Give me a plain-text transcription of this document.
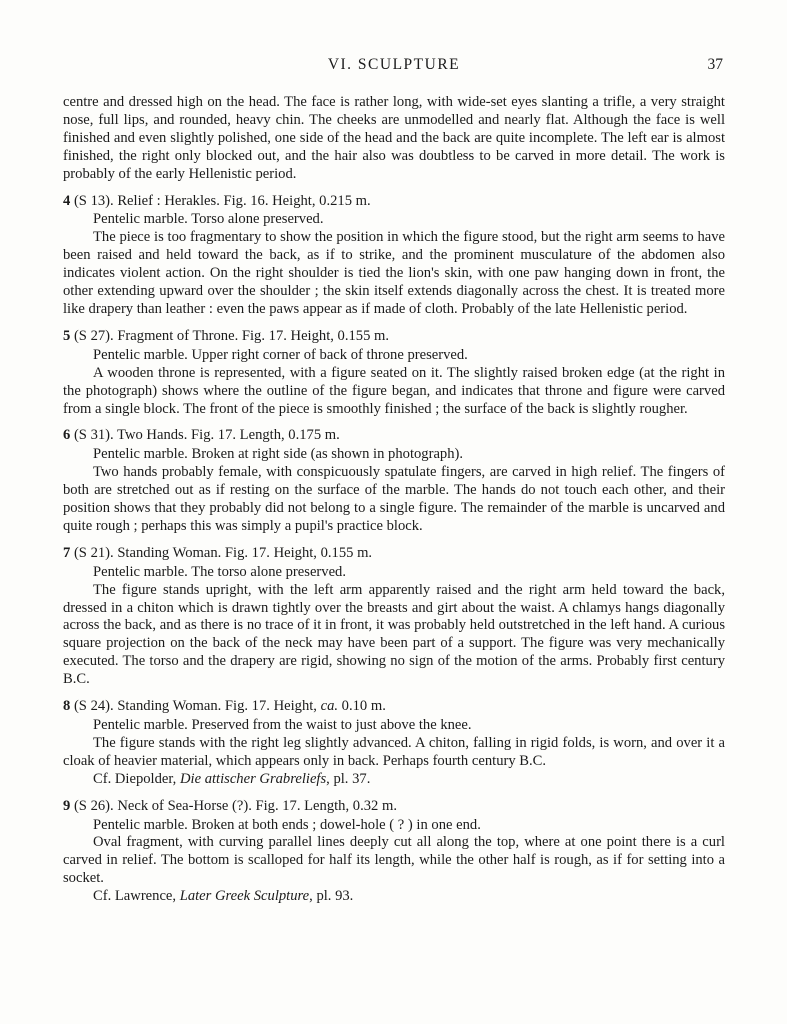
VI. SCULPTURE	37

centre and dressed high on the head. The face is rather long, with wide-set eyes slanting a trifle, a very straight nose, full lips, and rounded, heavy chin. The cheeks are unmodelled and nearly flat. Although the face is well finished and even slightly polished, one side of the head and the back are quite incomplete. The left ear is almost finished, the right only blocked out, and the hair also was doubtless to be carved in more detail. The work is probably of the early Hellenistic period.

4 (S 13). Relief : Herakles. Fig. 16. Height, 0.215 m.

Pentelic marble. Torso alone preserved.

The piece is too fragmentary to show the position in which the figure stood, but the right arm seems to have been raised and held toward the back, as if to strike, and the prominent musculature of the abdomen also indicates violent action. On the right shoulder is tied the lion's skin, with one paw hanging down in front, the other extending upward over the shoulder ; the skin itself extends diagonally across the chest. It is treated more like drapery than leather : even the paws appear as if made of cloth. Probably of the late Hellenistic period.

5 (S 27). Fragment of Throne. Fig. 17. Height, 0.155 m.

Pentelic marble. Upper right corner of back of throne preserved.

A wooden throne is represented, with a figure seated on it. The slightly raised broken edge (at the right in the photograph) shows where the outline of the figure began, and indicates that throne and figure were carved from a single block. The front of the piece is smoothly finished ; the surface of the back is slightly rougher.

6 (S 31). Two Hands. Fig. 17. Length, 0.175 m.

Pentelic marble. Broken at right side (as shown in photograph).

Two hands probably female, with conspicuously spatulate fingers, are carved in high relief. The fingers of both are stretched out as if resting on the surface of the marble. The hands do not touch each other, and their position shows that they probably did not belong to a single figure. The remainder of the marble is uncarved and quite rough ; perhaps this was simply a pupil's practice block.

7 (S 21). Standing Woman. Fig. 17. Height, 0.155 m.

Pentelic marble. The torso alone preserved.

The figure stands upright, with the left arm apparently raised and the right arm held toward the back, dressed in a chiton which is drawn tightly over the breasts and girt about the waist. A chlamys hangs diagonally across the back, and as there is no trace of it in front, it was probably held outstretched in the left hand. A curious square projection on the back of the neck may have been part of a support. The figure was very mechanically executed. The torso and the drapery are rigid, showing no sign of the motion of the arms. Probably first century B.C.

8 (S 24). Standing Woman. Fig. 17. Height, ca. 0.10 m.

Pentelic marble. Preserved from the waist to just above the knee.

The figure stands with the right leg slightly advanced. A chiton, falling in rigid folds, is worn, and over it a cloak of heavier material, which appears only in back. Perhaps fourth century B.C.

Cf. Diepolder, Die attischer Grabreliefs, pl. 37.

9 (S 26). Neck of Sea-Horse (?). Fig. 17. Length, 0.32 m.

Pentelic marble. Broken at both ends ; dowel-hole ( ? ) in one end.

Oval fragment, with curving parallel lines deeply cut all along the top, where at one point there is a curl carved in relief. The bottom is scalloped for half its length, while the other half is rough, as if for setting into a socket.

Cf. Lawrence, Later Greek Sculpture, pl. 93.
